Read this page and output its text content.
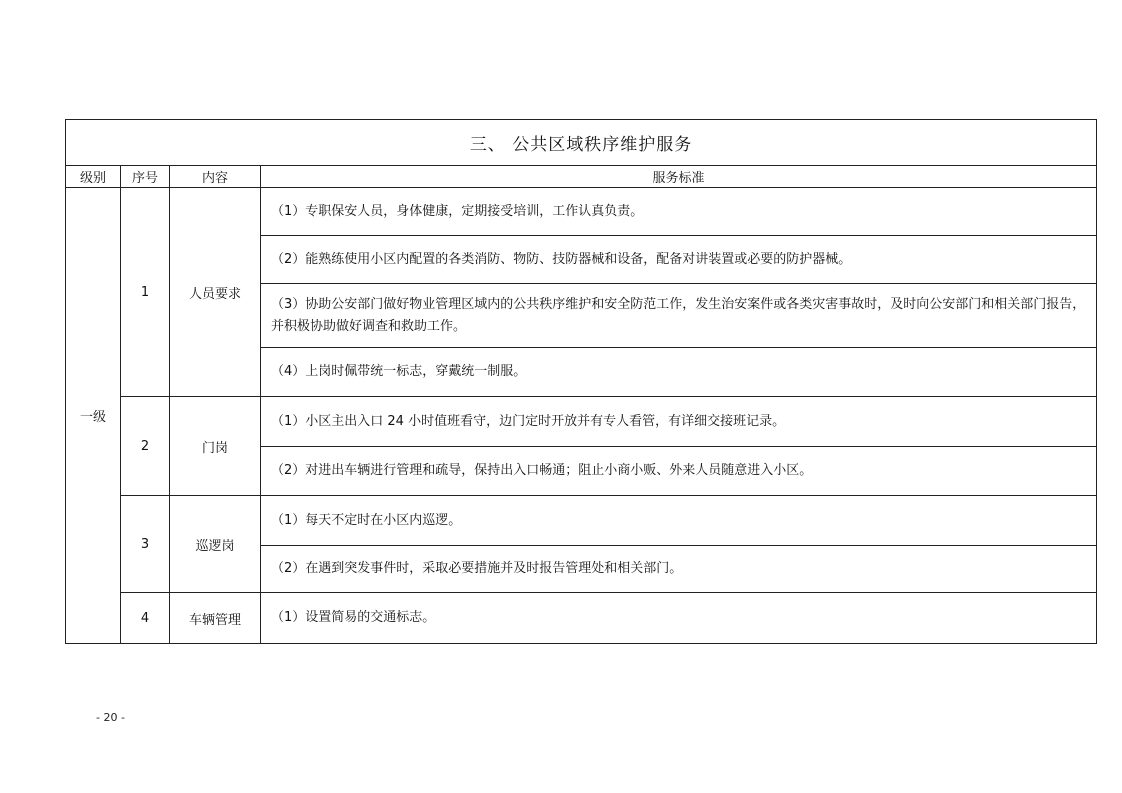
三、 公共区域秩序维护服务			
级别	序号	内容	服务标准
一级	1	人员要求	（1）专职保安人员，身体健康，定期接受培训，工作认真负责。
			（2）能熟练使用小区内配置的各类消防、物防、技防器械和设备，配备对讲装置或必要的防护器械。
			（3）协助公安部门做好物业管理区域内的公共秩序维护和安全防范工作，发生治安案件或各类灾害事故时，及时向公安部门和相关部门报告，并积极协助做好调查和救助工作。
			（4）上岗时佩带统一标志，穿戴统一制服。
	2	门岗	（1）小区主出入口 24 小时值班看守，边门定时开放并有专人看管，有详细交接班记录。
			（2）对进出车辆进行管理和疏导，保持出入口畅通；阻止小商小贩、外来人员随意进入小区。
	3	巡逻岗	（1）每天不定时在小区内巡逻。
			（2）在遇到突发事件时，采取必要措施并及时报告管理处和相关部门。
	4	车辆管理	（1）设置简易的交通标志。
- 20 -
